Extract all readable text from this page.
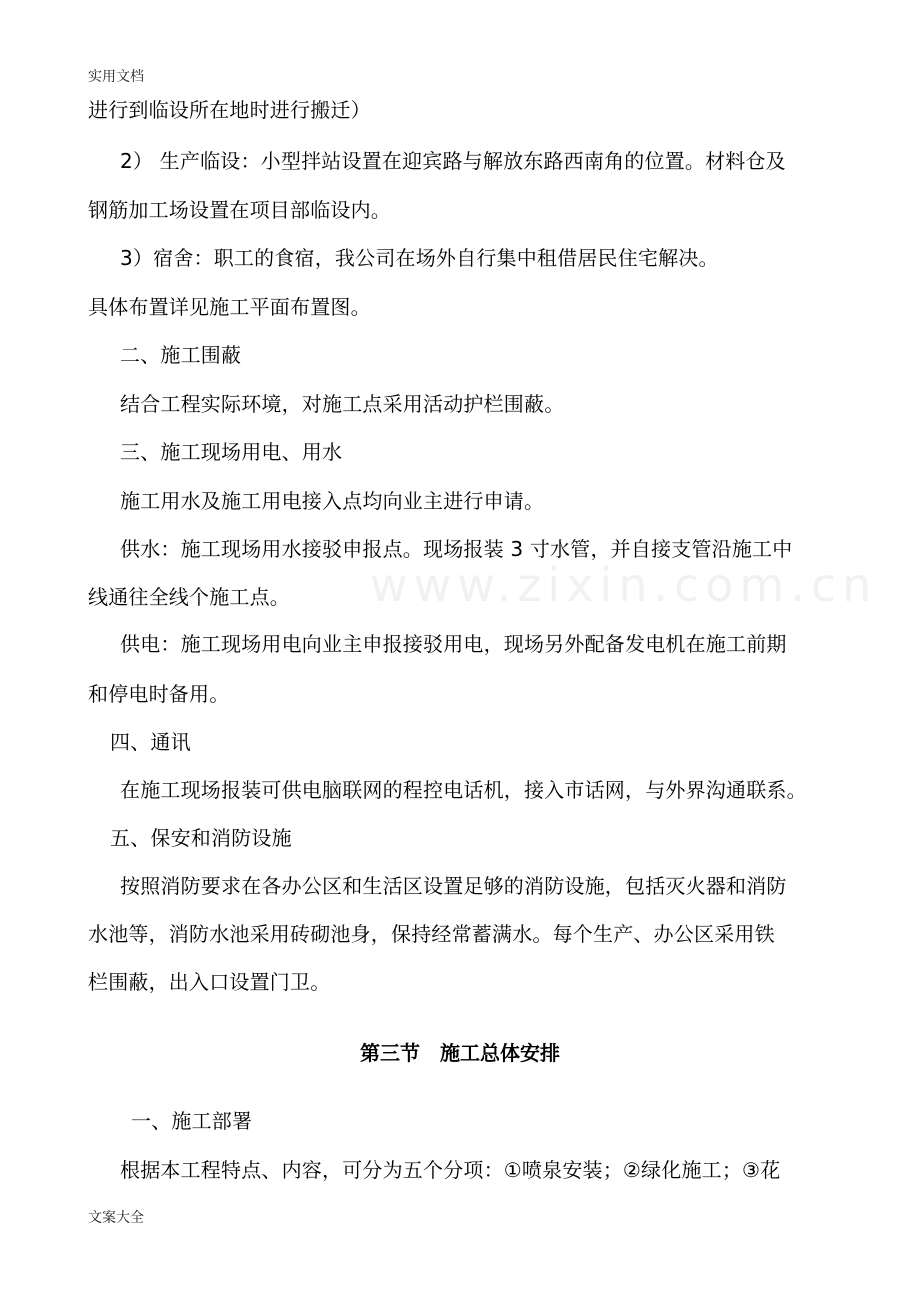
实用文档
www.zixin.com.cn
进行到临设所在地时进行搬迁）
2） 生产临设：小型拌站设置在迎宾路与解放东路西南角的位置。材料仓及
钢筋加工场设置在项目部临设内。
3）宿舍：职工的食宿，我公司在场外自行集中租借居民住宅解决。
具体布置详见施工平面布置图。
二、施工围蔽
结合工程实际环境，对施工点采用活动护栏围蔽。
三、施工现场用电、用水
施工用水及施工用电接入点均向业主进行申请。
供水：施工现场用水接驳申报点。现场报装 3 寸水管，并自接支管沿施工中
线通往全线个施工点。
供电：施工现场用电向业主申报接驳用电，现场另外配备发电机在施工前期
和停电时备用。
四、通讯
在施工现场报装可供电脑联网的程控电话机，接入市话网，与外界沟通联系。
五、保安和消防设施
按照消防要求在各办公区和生活区设置足够的消防设施，包括灭火器和消防
水池等，消防水池采用砖砌池身，保持经常蓄满水。每个生产、办公区采用铁
栏围蔽，出入口设置门卫。
第三节　施工总体安排
一、施工部署
根据本工程特点、内容，可分为五个分项：①喷泉安装；②绿化施工；③花
文案大全
